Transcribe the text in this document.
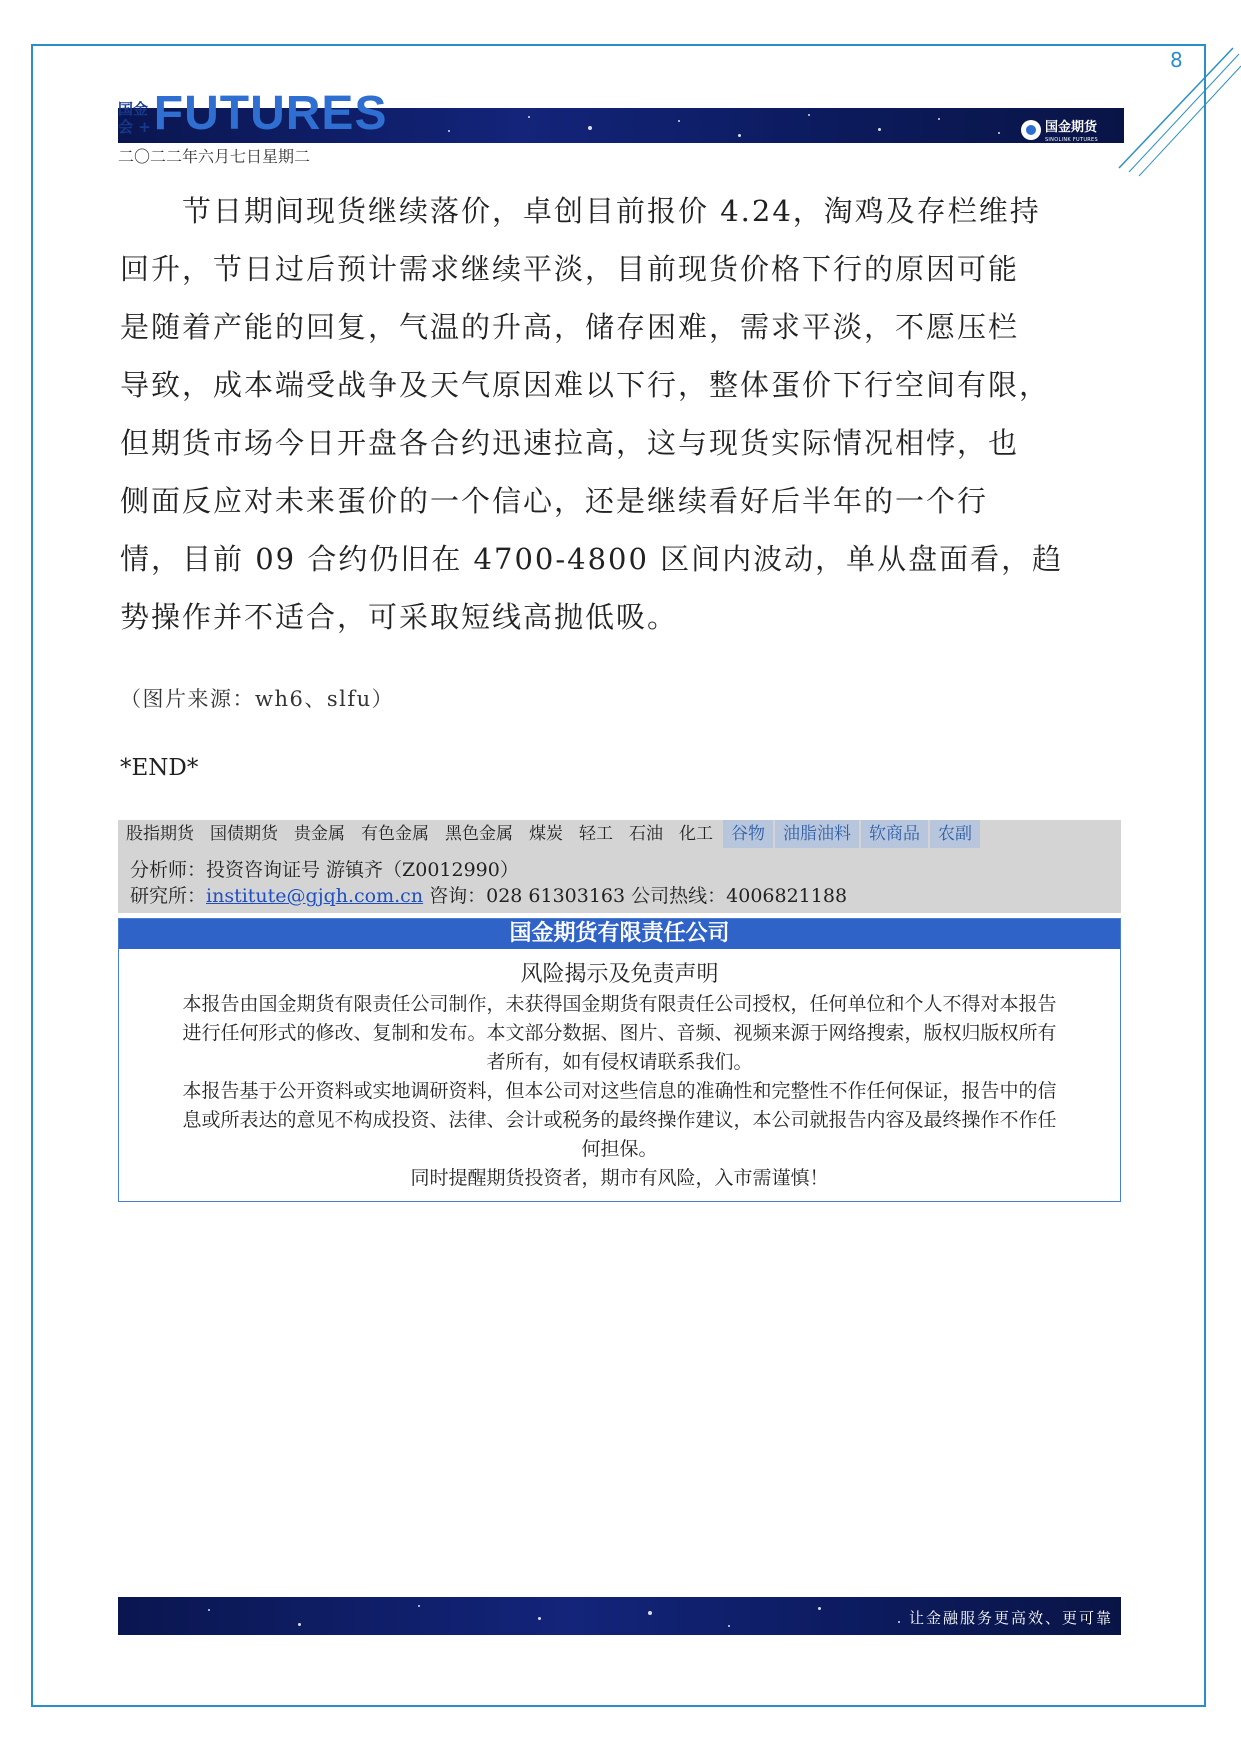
8
国金期货
SINOLINK FUTURES
国金
会 + FUTURES
二〇二二年六月七日星期二

　　节日期间现货继续落价，卓创目前报价 4.24，淘鸡及存栏维持
回升，节日过后预计需求继续平淡，目前现货价格下行的原因可能
是随着产能的回复，气温的升高，储存困难，需求平淡，不愿压栏
导致，成本端受战争及天气原因难以下行，整体蛋价下行空间有限，
但期货市场今日开盘各合约迅速拉高，这与现货实际情况相悖，也
侧面反应对未来蛋价的一个信心，还是继续看好后半年的一个行
情，目前 09 合约仍旧在 4700-4800 区间内波动，单从盘面看，趋
势操作并不适合，可采取短线高抛低吸。

（图片来源：wh6、slfu）
*END*
股指期货 国债期货 贵金属 有色金属 黑色金属 煤炭 轻工 石油 化工	谷物	油脂油料	软商品	农副
分析师：投资咨询证号 游镇齐（Z0012990）
研究所：institute@gjqh.com.cn 咨询：028 61303163 公司热线：4006821188
国金期货有限责任公司
风险揭示及免责声明
本报告由国金期货有限责任公司制作，未获得国金期货有限责任公司授权，任何单位和个人不得对本报告
进行任何形式的修改、复制和发布。本文部分数据、图片、音频、视频来源于网络搜索，版权归版权所有
者所有，如有侵权请联系我们。
本报告基于公开资料或实地调研资料，但本公司对这些信息的准确性和完整性不作任何保证，报告中的信
息或所表达的意见不构成投资、法律、会计或税务的最终操作建议，本公司就报告内容及最终操作不作任
何担保。
同时提醒期货投资者，期市有风险，入市需谨慎！
让金融服务更高效、更可靠
